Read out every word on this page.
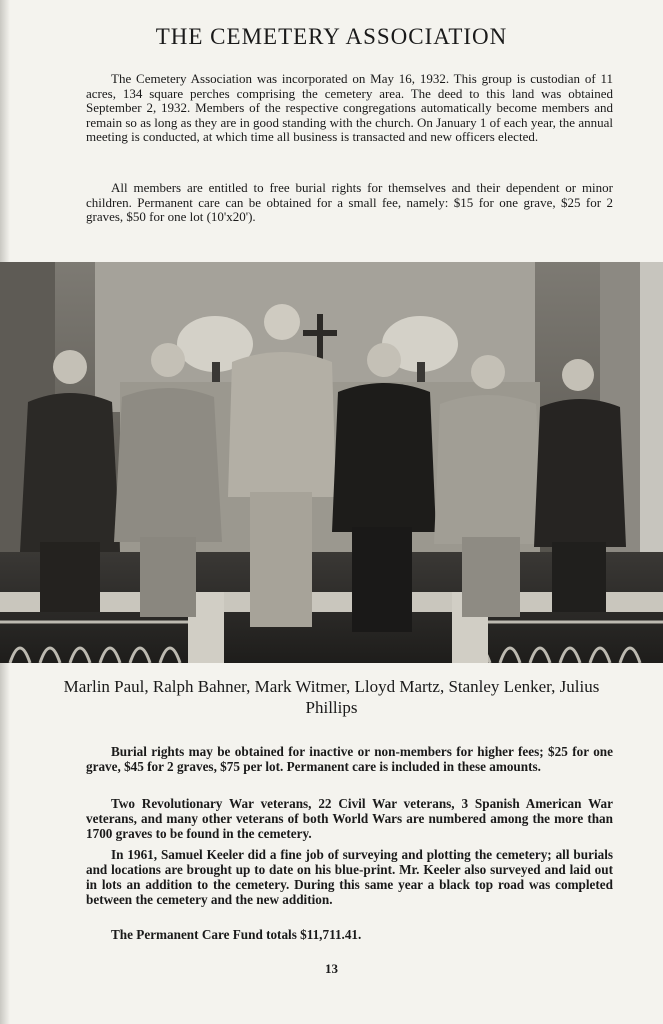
THE CEMETERY ASSOCIATION

The Cemetery Association was incorporated on May 16, 1932. This group is custodian of 11 acres, 134 square perches comprising the cemetery area. The deed to this land was obtained September 2, 1932. Members of the respective congregations automatically become members and remain so as long as they are in good standing with the church. On January 1 of each year, the annual meeting is conducted, at which time all business is transacted and new officers elected.

All members are entitled to free burial rights for themselves and their dependent or minor children. Permanent care can be obtained for a small fee, namely: $15 for one grave, $25 for 2 graves, $50 for one lot (10'x20').

Marlin Paul, Ralph Bahner, Mark Witmer, Lloyd Martz, Stanley Lenker, Julius Phillips

Burial rights may be obtained for inactive or non-members for higher fees; $25 for one grave, $45 for 2 graves, $75 per lot. Permanent care is included in these amounts.

Two Revolutionary War veterans, 22 Civil War veterans, 3 Spanish American War veterans, and many other veterans of both World Wars are numbered among the more than 1700 graves to be found in the cemetery.

In 1961, Samuel Keeler did a fine job of surveying and plotting the cemetery; all burials and locations are brought up to date on his blue-print. Mr. Keeler also surveyed and laid out in lots an addition to the cemetery. During this same year a black top road was completed between the cemetery and the new addition.

The Permanent Care Fund totals $11,711.41.

13
